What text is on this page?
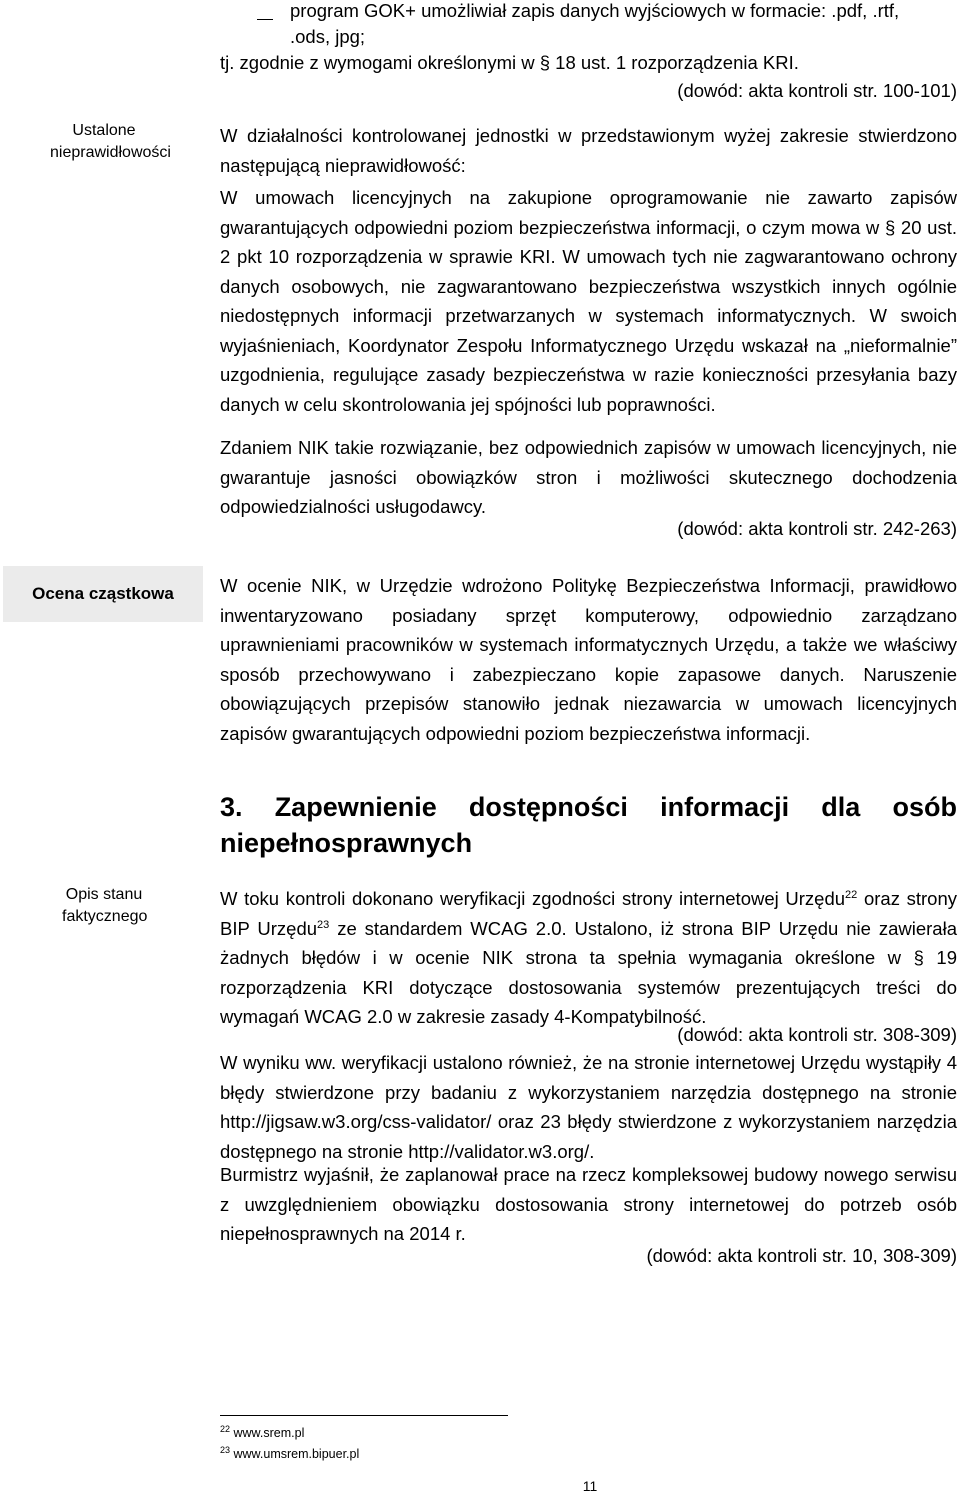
program GOK+ umożliwiał zapis danych wyjściowych w formacie: .pdf, .rtf,
.ods, jpg;
tj. zgodnie z wymogami określonymi w § 18 ust. 1 rozporządzenia KRI.
(dowód: akta kontroli str. 100-101)
Ustalone nieprawidłowości
Ocena cząstkowa
Opis stanu faktycznego
W działalności kontrolowanej jednostki w przedstawionym wyżej zakresie stwierdzono następującą nieprawidłowość:
W umowach licencyjnych na zakupione oprogramowanie nie zawarto zapisów gwarantujących odpowiedni poziom bezpieczeństwa informacji, o czym mowa w § 20 ust. 2 pkt 10 rozporządzenia w sprawie KRI. W umowach tych nie zagwarantowano ochrony danych osobowych, nie zagwarantowano bezpieczeństwa wszystkich innych ogólnie niedostępnych informacji przetwarzanych w systemach informatycznych. W swoich wyjaśnieniach, Koordynator Zespołu Informatycznego Urzędu wskazał na „nieformalnie” uzgodnienia, regulujące zasady bezpieczeństwa w razie konieczności przesyłania bazy danych w celu skontrolowania jej spójności lub poprawności.
Zdaniem NIK takie rozwiązanie, bez odpowiednich zapisów w umowach licencyjnych, nie gwarantuje jasności obowiązków stron i możliwości skutecznego dochodzenia odpowiedzialności usługodawcy.
(dowód: akta kontroli str. 242-263)
W ocenie NIK, w Urzędzie wdrożono Politykę Bezpieczeństwa Informacji, prawidłowo inwentaryzowano posiadany sprzęt komputerowy, odpowiednio zarządzano uprawnieniami pracowników w systemach informatycznych Urzędu, a także we właściwy sposób przechowywano i zabezpieczano kopie zapasowe danych. Naruszenie obowiązujących przepisów stanowiło jednak niezawarcia w umowach licencyjnych zapisów gwarantujących odpowiedni poziom bezpieczeństwa informacji.
3. Zapewnienie dostępności informacji dla osób niepełnosprawnych
W toku kontroli dokonano weryfikacji zgodności strony internetowej Urzędu$^{22}$ oraz strony BIP Urzędu$^{23}$ ze standardem WCAG 2.0. Ustalono, iż strona BIP Urzędu nie zawierała żadnych błędów i w ocenie NIK strona ta spełnia wymagania określone w § 19 rozporządzenia KRI dotyczące dostosowania systemów prezentujących treści do wymagań WCAG 2.0 w zakresie zasady 4-Kompatybilność.
(dowód: akta kontroli str. 308-309)
W wyniku ww. weryfikacji ustalono również, że na stronie internetowej Urzędu wystąpiły 4 błędy stwierdzone przy badaniu z wykorzystaniem narzędzia dostępnego na stronie http://jigsaw.w3.org/css-validator/ oraz 23 błędy stwierdzone z wykorzystaniem narzędzia dostępnego na stronie http://validator.w3.org/.
Burmistrz wyjaśnił, że zaplanował prace na rzecz kompleksowej budowy nowego serwisu z uwzględnieniem obowiązku dostosowania strony internetowej do potrzeb osób niepełnosprawnych na 2014 r.
(dowód: akta kontroli str. 10, 308-309)
$^{22}$ www.srem.pl
$^{23}$ www.umsrem.bipuer.pl
11
